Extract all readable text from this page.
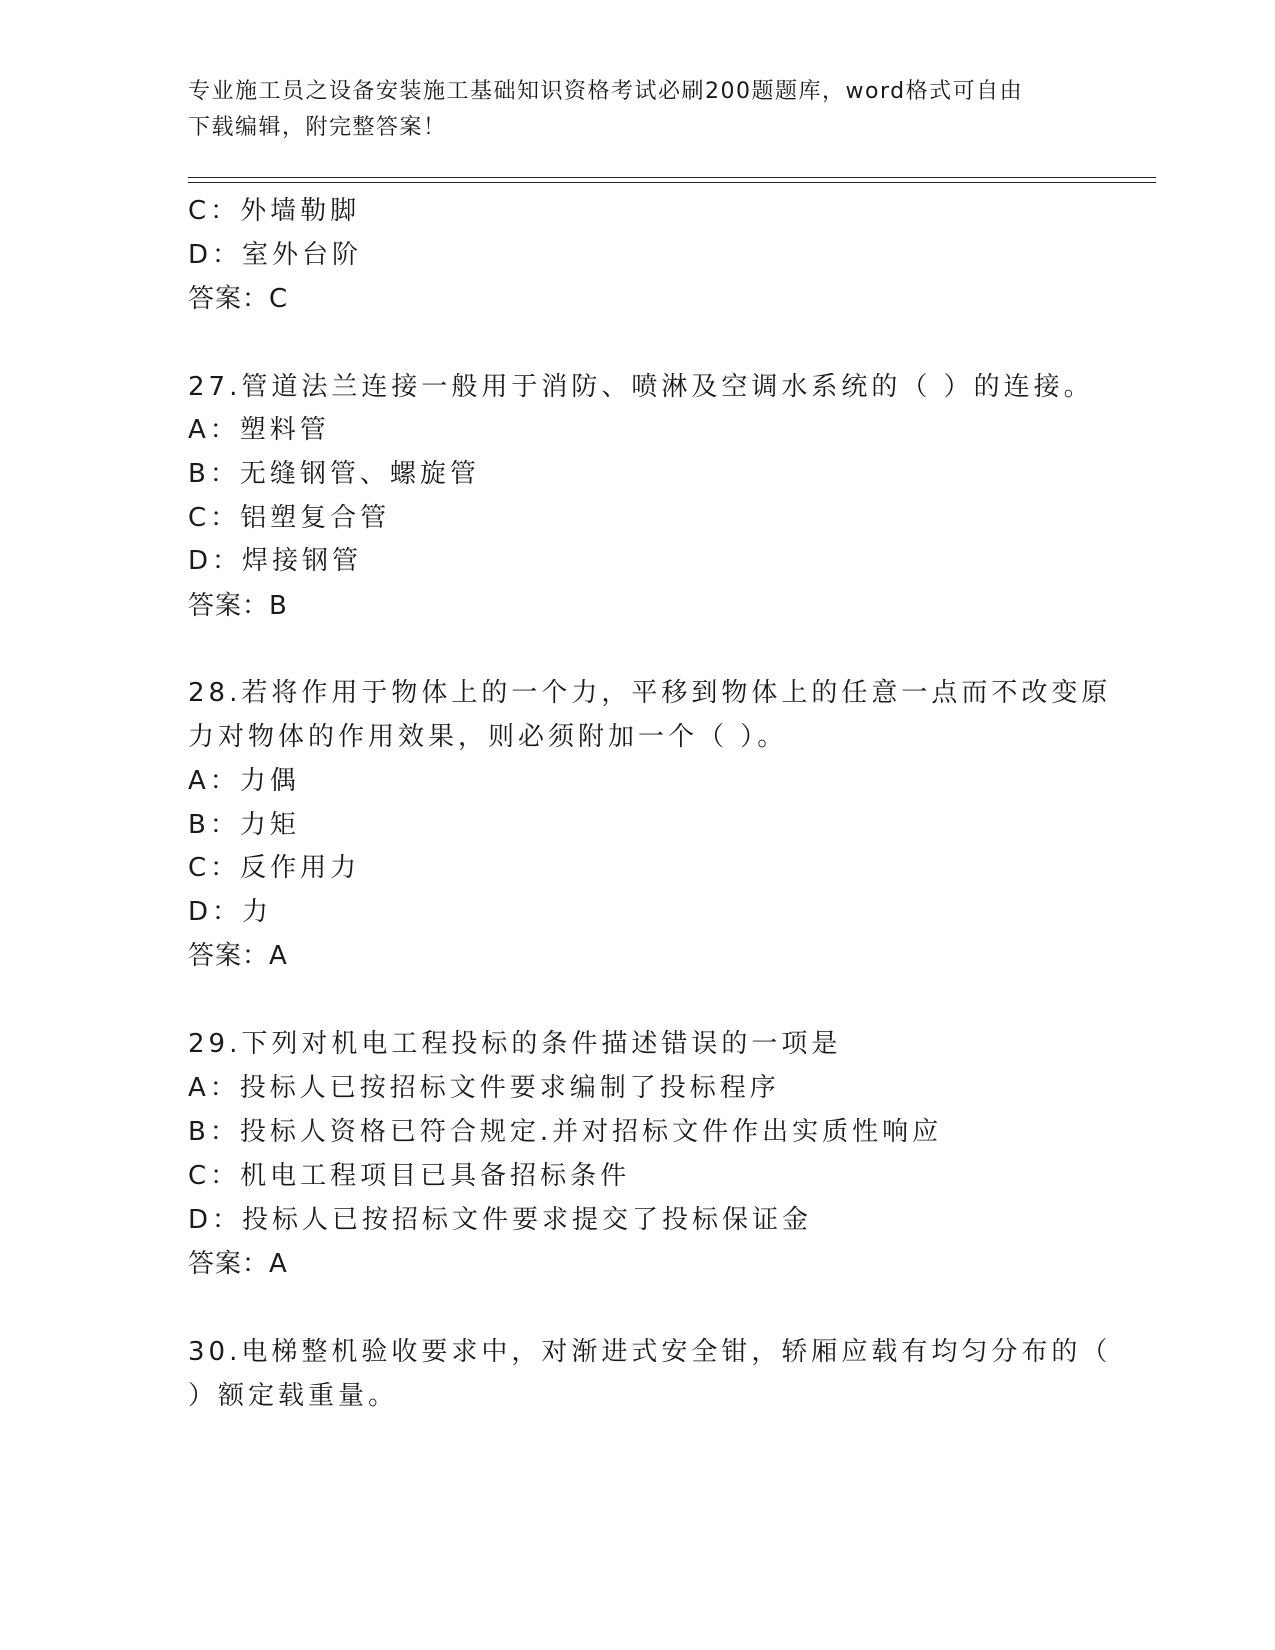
专业施工员之设备安装施工基础知识资格考试必刷200题题库，word格式可自由
下载编辑，附完整答案！
C：外墙勒脚
D：室外台阶
答案：C
27.管道法兰连接一般用于消防、喷淋及空调水系统的（ ）的连接。
A：塑料管
B：无缝钢管、螺旋管
C：铝塑复合管
D：焊接钢管
答案：B
28.若将作用于物体上的一个力，平移到物体上的任意一点而不改变原
力对物体的作用效果，则必须附加一个（ ）。
A：力偶
B：力矩
C：反作用力
D：力
答案：A
29.下列对机电工程投标的条件描述错误的一项是
A：投标人已按招标文件要求编制了投标程序
B：投标人资格已符合规定.并对招标文件作出实质性响应
C：机电工程项目已具备招标条件
D：投标人已按招标文件要求提交了投标保证金
答案：A
30.电梯整机验收要求中，对渐进式安全钳，轿厢应载有均匀分布的（
）额定载重量。
